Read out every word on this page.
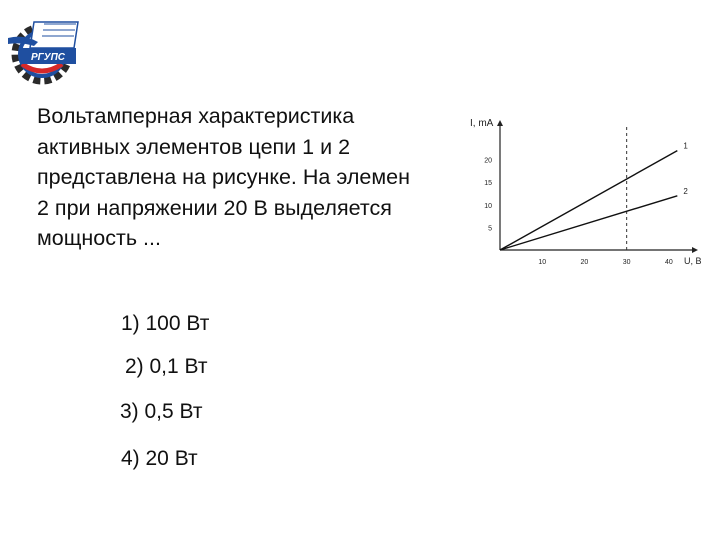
РГУПС
Вольтамперная характеристика
активных элементов цепи 1 и 2
представлена на рисунке. На элемен
2 при напряжении 20 В выделяется
мощность ...
1) 100 Вт
2) 0,1 Вт
3) 0,5 Вт
4) 20 Вт
U, B
I, mA
10	20	30	40
5
10
15
20
1
2
